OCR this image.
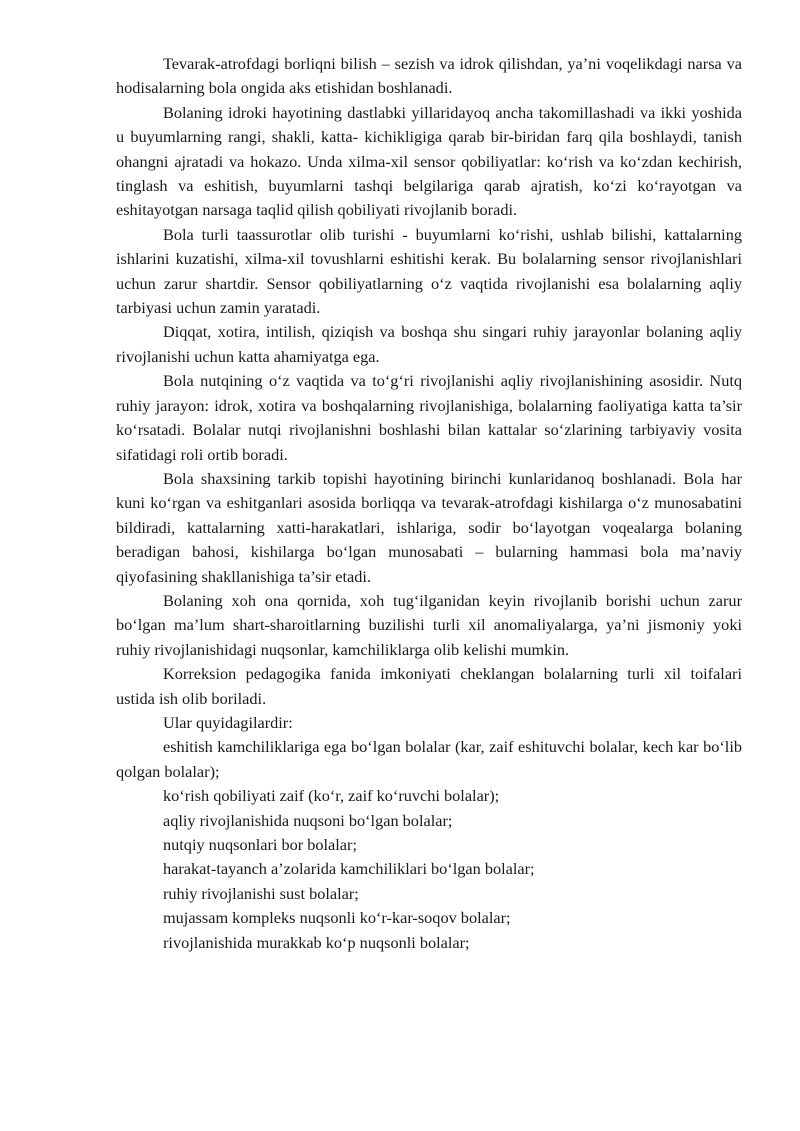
Tevarak-atrofdagi borliqni bilish – sezish va idrok qilishdan, ya’ni voqelikdagi narsa va hodisalarning bola ongida aks etishidan boshlanadi.

Bolaning idroki hayotining dastlabki yillaridayoq ancha takomillashadi va ikki yoshida u buyumlarning rangi, shakli, katta- kichikligiga qarab bir-biridan farq qila boshlaydi, tanish ohangni ajratadi va hokazo. Unda xilma-xil sensor qobiliyatlar: ko‘rish va ko‘zdan kechirish, tinglash va eshitish, buyumlarni tashqi belgilariga qarab ajratish, ko‘zi ko‘rayotgan va eshitayotgan narsaga taqlid qilish qobiliyati rivojlanib boradi.

Bola turli taassurotlar olib turishi - buyumlarni ko‘rishi, ushlab bilishi, kattalarning ishlarini kuzatishi, xilma-xil tovushlarni eshitishi kerak. Bu bolalarning sensor rivojlanishlari uchun zarur shartdir. Sensor qobiliyatlarning o‘z vaqtida rivojlanishi esa bolalarning aqliy tarbiyasi uchun zamin yaratadi.

Diqqat, xotira, intilish, qiziqish va boshqa shu singari ruhiy jarayonlar bolaning aqliy rivojlanishi uchun katta ahamiyatga ega.

Bola nutqining o‘z vaqtida va to‘g‘ri rivojlanishi aqliy rivojlanishining asosidir. Nutq ruhiy jarayon: idrok, xotira va boshqalarning rivojlanishiga, bolalarning faoliyatiga katta ta’sir ko‘rsatadi. Bolalar nutqi rivojlanishni boshlashi bilan kattalar so‘zlarining tarbiyaviy vosita sifatidagi roli ortib boradi.

Bola shaxsining tarkib topishi hayotining birinchi kunlaridanoq boshlanadi. Bola har kuni ko‘rgan va eshitganlari asosida borliqqa va tevarak-atrofdagi kishilarga o‘z munosabatini bildiradi, kattalarning xatti-harakatlari, ishlariga, sodir bo‘layotgan voqealarga bolaning beradigan bahosi, kishilarga bo‘lgan munosabati – bularning hammasi bola ma’naviy qiyofasining shakllanishiga ta’sir etadi.

Bolaning xoh ona qornida, xoh tug‘ilganidan keyin rivojlanib borishi uchun zarur bo‘lgan ma’lum shart-sharoitlarning buzilishi turli xil anomaliyalarga, ya’ni jismoniy yoki ruhiy rivojlanishidagi nuqsonlar, kamchiliklarga olib kelishi mumkin.

Korreksion pedagogika fanida imkoniyati cheklangan bolalarning turli xil toifalari ustida ish olib boriladi.

Ular quyidagilardir:

eshitish kamchiliklariga ega bo‘lgan bolalar (kar, zaif eshituvchi bolalar, kech kar bo‘lib qolgan bolalar);

ko‘rish qobiliyati zaif (ko‘r, zaif ko‘ruvchi bolalar);

aqliy rivojlanishida nuqsoni bo‘lgan bolalar;

nutqiy nuqsonlari bor bolalar;

harakat-tayanch a’zolarida kamchiliklari bo‘lgan bolalar;

ruhiy rivojlanishi sust bolalar;

mujassam kompleks nuqsonli ko‘r-kar-soqov bolalar;

rivojlanishida murakkab ko‘p nuqsonli bolalar;
